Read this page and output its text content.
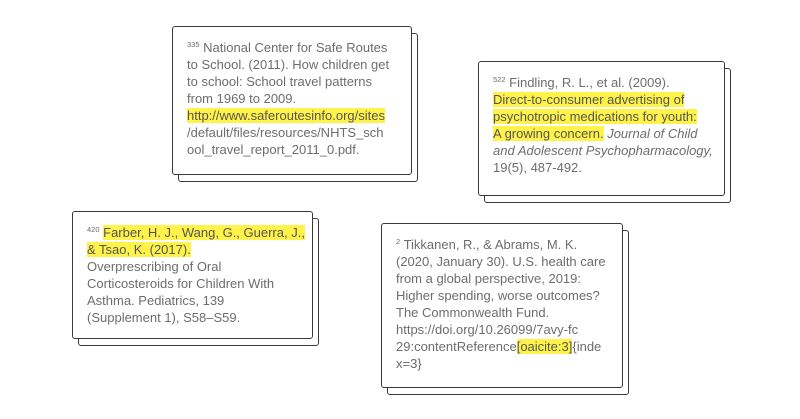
$^{335}$ National Center for Safe Routes
to School. (2011). How children get
to school: School travel patterns
from 1969 to 2009.
http://www.saferoutesinfo.org/sites
/default/files/resources/NHTS_sch
ool_travel_report_2011_0.pdf.

$^{522}$ Findling, R. L., et al. (2009).
Direct-to-consumer advertising of
psychotropic medications for youth:
A growing concern. Journal of Child
and Adolescent Psychopharmacology,
19(5), 487-492.

$^{420}$ Farber, H. J., Wang, G., Guerra, J.,
& Tsao, K. (2017).
Overprescribing of Oral
Corticosteroids for Children With
Asthma. Pediatrics, 139
(Supplement 1), S58–S59.

$^2$ Tikkanen, R., & Abrams, M. K.
(2020, January 30). U.S. health care
from a global perspective, 2019:
Higher spending, worse outcomes?
The Commonwealth Fund.
https://doi.org/10.26099/7avy-fc
29:contentReference[oaicite:3]{inde
x=3}
